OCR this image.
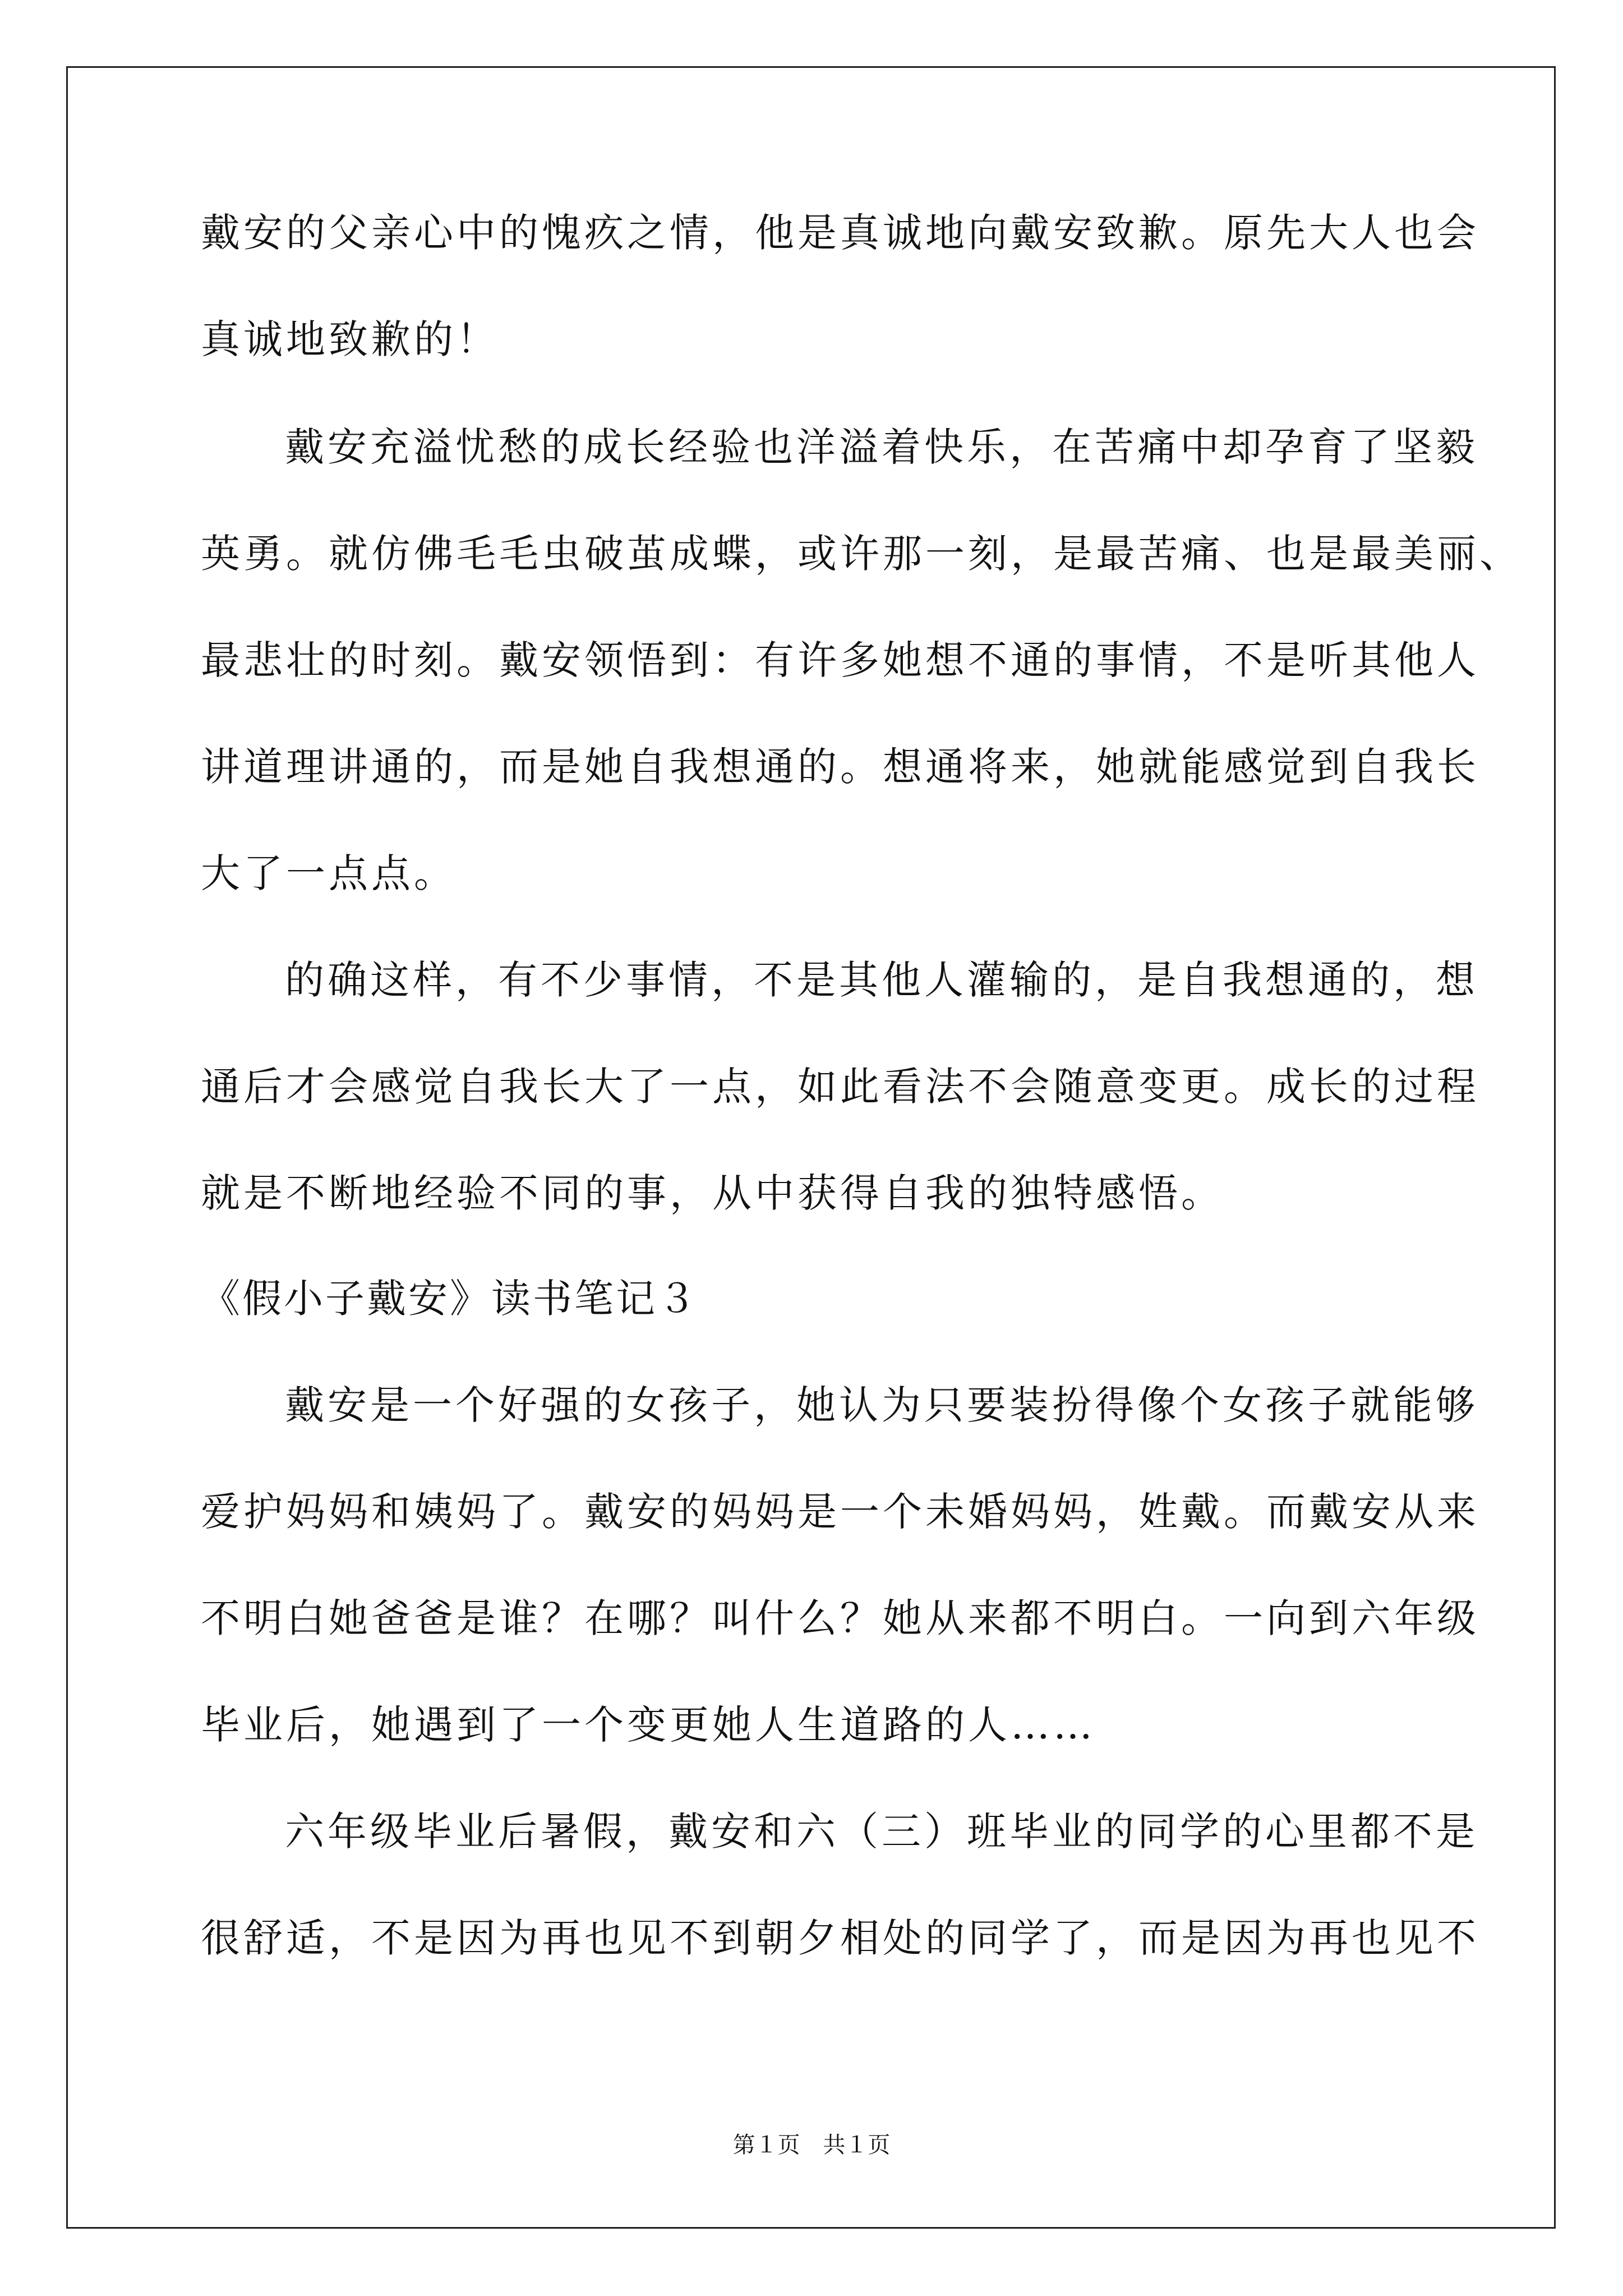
戴安的父亲心中的愧疚之情，他是真诚地向戴安致歉。原先大人也会

真诚地致歉的！

戴安充溢忧愁的成长经验也洋溢着快乐，在苦痛中却孕育了坚毅

英勇。就仿佛毛毛虫破茧成蝶，或许那一刻，是最苦痛、也是最美丽、

最悲壮的时刻。戴安领悟到：有许多她想不通的事情，不是听其他人

讲道理讲通的，而是她自我想通的。想通将来，她就能感觉到自我长

大了一点点。

的确这样，有不少事情，不是其他人灌输的，是自我想通的，想

通后才会感觉自我长大了一点，如此看法不会随意变更。成长的过程

就是不断地经验不同的事，从中获得自我的独特感悟。

《假小子戴安》读书笔记３

戴安是一个好强的女孩子，她认为只要装扮得像个女孩子就能够

爱护妈妈和姨妈了。戴安的妈妈是一个未婚妈妈，姓戴。而戴安从来

不明白她爸爸是谁？在哪？叫什么？她从来都不明白。一向到六年级

毕业后，她遇到了一个变更她人生道路的人……

六年级毕业后暑假，戴安和六（三）班毕业的同学的心里都不是

很舒适，不是因为再也见不到朝夕相处的同学了，而是因为再也见不

第１页 共１页
